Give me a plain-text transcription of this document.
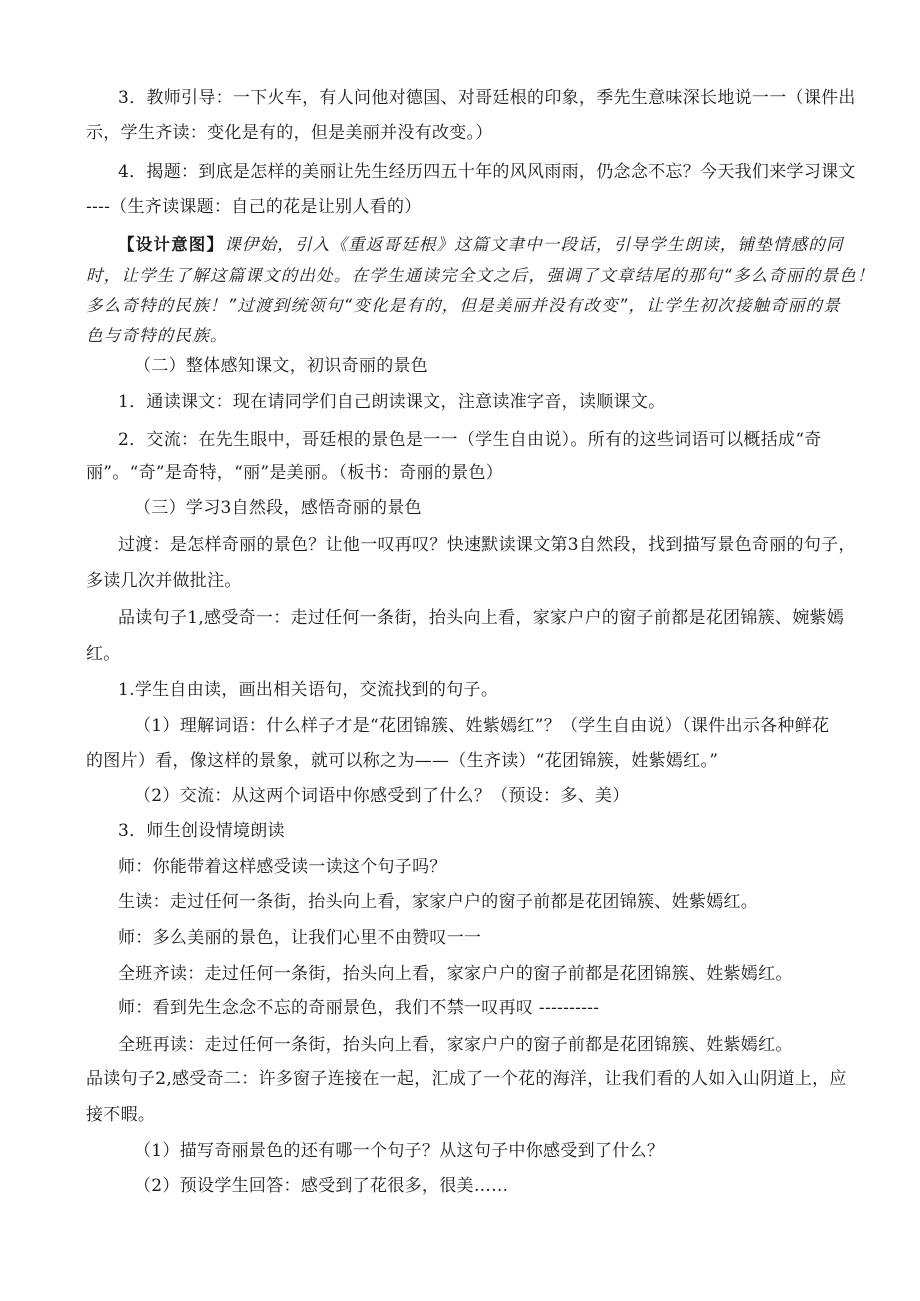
3．教师引导：一下火车，有人问他对德国、对哥廷根的印象，季先生意味深长地说一一（课件出
示，学生齐读：变化是有的，但是美丽并没有改变。）
4．揭题：到底是怎样的美丽让先生经历四五十年的风风雨雨，仍念念不忘？今天我们来学习课文
----（生齐读课题：自己的花是让别人看的）
【设计意图】课伊始，引入《重返哥廷根》这篇文聿中一段话，引导学生朗读，铺垫情感的同
时，让学生了解这篇课文的出处。在学生通读完全文之后，强调了文章结尾的那句“多么奇丽的景色！
多么奇特的民族！”过渡到统领句“变化是有的，但是美丽并没有改变”，让学生初次接触奇丽的景
色与奇特的民族。
（二）整体感知课文，初识奇丽的景色
1．通读课文：现在请同学们自己朗读课文，注意读准字音，读顺课文。
2．交流：在先生眼中，哥廷根的景色是一一（学生自由说）。所有的这些词语可以概括成“奇
丽”。“奇”是奇特，“丽”是美丽。（板书：奇丽的景色）
（三）学习3自然段，感悟奇丽的景色
过渡：是怎样奇丽的景色？让他一叹再叹？快速默读课文第3自然段，找到描写景色奇丽的句子，
多读几次并做批注。
品读句子1,感受奇一：走过任何一条街，抬头向上看，家家户户的窗子前都是花团锦簇、婉紫嫣
红。
1.学生自由读，画出相关语句，交流找到的句子。
（1）理解词语：什么样子才是“花团锦簇、姓紫嫣红”？（学生自由说）（课件出示各种鲜花
的图片）看，像这样的景象，就可以称之为——（生齐读）“花团锦簇，姓紫嫣红。”
（2）交流：从这两个词语中你感受到了什么？（预设：多、美）
3．师生创设情境朗读
师：你能带着这样感受读一读这个句子吗？
生读：走过任何一条街，抬头向上看，家家户户的窗子前都是花团锦簇、姓紫嫣红。
师：多么美丽的景色，让我们心里不由赞叹一一
全班齐读：走过任何一条街，抬头向上看，家家户户的窗子前都是花团锦簇、姓紫嫣红。
师：看到先生念念不忘的奇丽景色，我们不禁一叹再叹 ----------
全班再读：走过任何一条街，抬头向上看，家家户户的窗子前都是花团锦簇、姓紫嫣红。
品读句子2,感受奇二：许多窗子连接在一起，汇成了一个花的海洋，让我们看的人如入山阴道上，应
接不暇。
（1）描写奇丽景色的还有哪一个句子？从这句子中你感受到了什么？
（2）预设学生回答：感受到了花很多，很美……
